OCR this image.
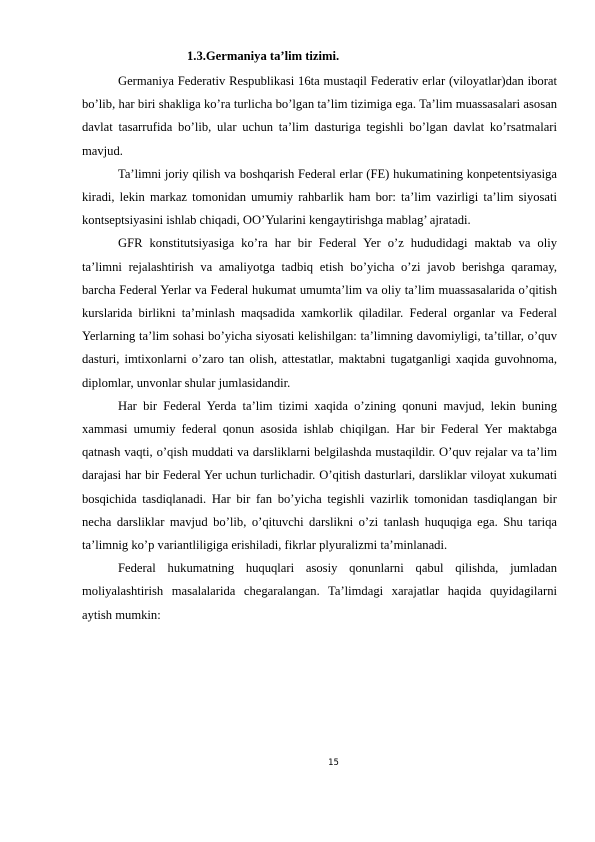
1.3.Germaniya ta’lim tizimi.

Germaniya Federativ Respublikasi 16ta mustaqil Federativ erlar (viloyatlar)dan iborat bo’lib, har biri shakliga ko’ra turlicha bo’lgan ta’lim tizimiga ega. Ta’lim muassasalari asosan davlat tasarrufida bo’lib, ular uchun ta’lim dasturiga tegishli bo’lgan davlat ko’rsatmalari mavjud.

Ta’limni joriy qilish va boshqarish Federal erlar (FE) hukumatining konpetentsiyasiga kiradi, lekin markaz tomonidan umumiy rahbarlik ham bor: ta’lim vazirligi ta’lim siyosati kontseptsiyasini ishlab chiqadi, OO’Yularini kengaytirishga mablag’ ajratadi.

GFR konstitutsiyasiga ko’ra har bir Federal Yer o’z hududidagi maktab va oliy ta’limni rejalashtirish va amaliyotga tadbiq etish bo’yicha o’zi javob berishga qaramay, barcha Federal Yerlar va Federal hukumat umumta’lim va oliy ta’lim muassasalarida o’qitish kurslarida birlikni ta’minlash maqsadida xamkorlik qiladilar. Federal organlar va Federal Yerlarning ta’lim sohasi bo’yicha siyosati kelishilgan: ta’limning davomiyligi, ta’tillar, o’quv dasturi, imtixonlarni o’zaro tan olish, attestatlar, maktabni tugatganligi xaqida guvohnoma, diplomlar, unvonlar shular jumlasidandir.

Har bir Federal Yerda ta’lim tizimi xaqida o’zining qonuni mavjud, lekin buning xammasi umumiy federal qonun asosida ishlab chiqilgan. Har bir Federal Yer maktabga qatnash vaqti, o’qish muddati va darsliklarni belgilashda mustaqildir. O’quv rejalar va ta’lim darajasi har bir Federal Yer uchun turlichadir. O’qitish dasturlari, darsliklar viloyat xukumati bosqichida tasdiqlanadi. Har bir fan bo’yicha tegishli vazirlik tomonidan tasdiqlangan bir necha darsliklar mavjud bo’lib, o’qituvchi darslikni o’zi tanlash huquqiga ega. Shu tariqa ta’limnig ko’p variantliligiga erishiladi, fikrlar plyuralizmi ta’minlanadi.

Federal hukumatning huquqlari asosiy qonunlarni qabul qilishda, jumladan moliyalashtirish masalalarida chegaralangan. Ta’limdagi xarajatlar haqida quyidagilarni aytish mumkin:

15
